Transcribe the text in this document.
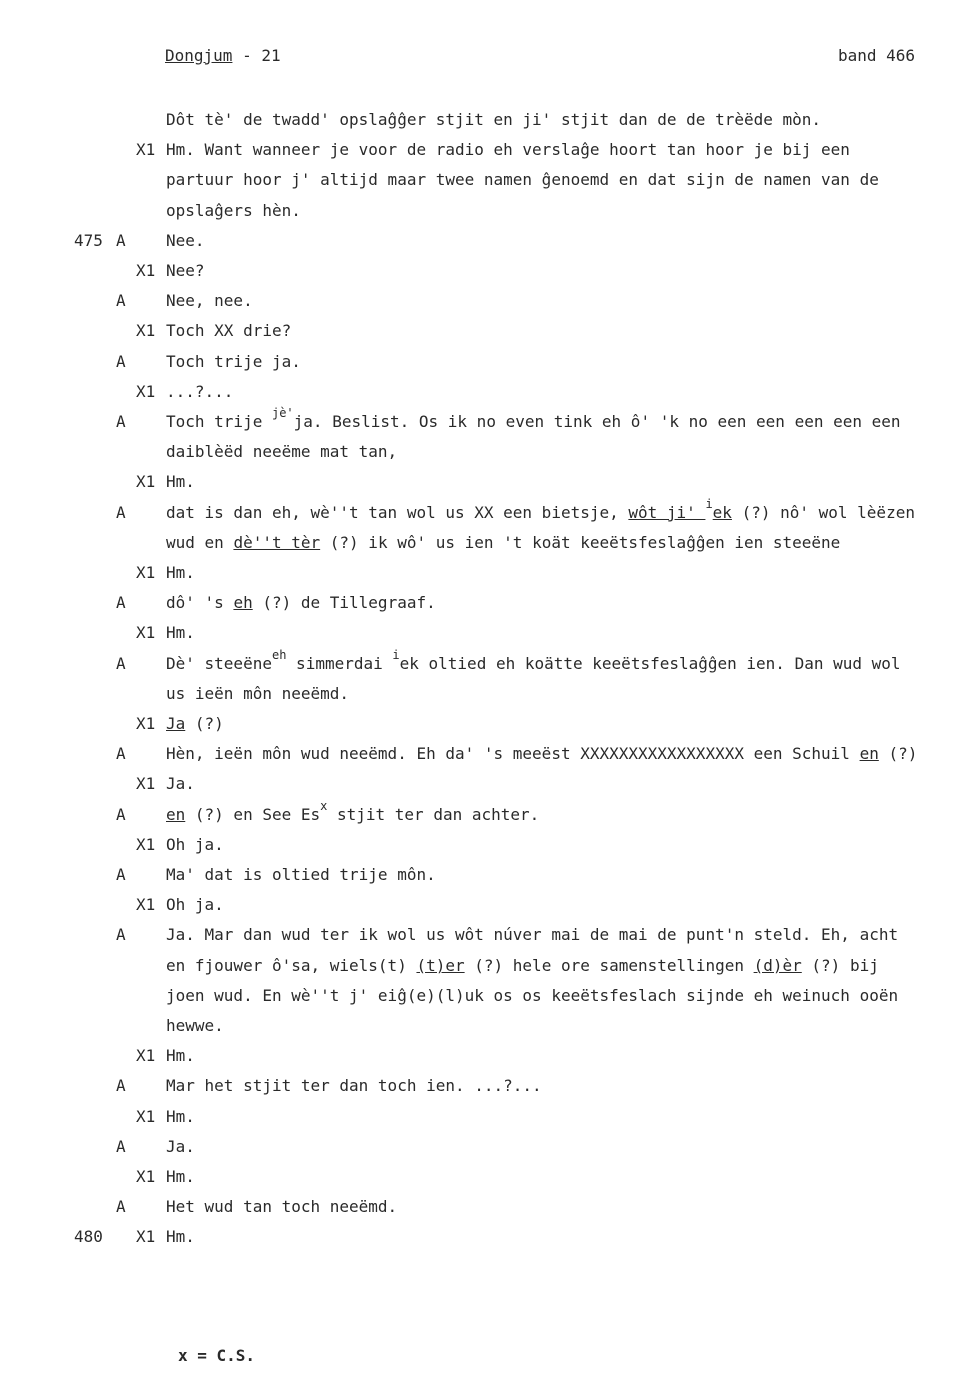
Dongjum - 21	band 466
Dôt tè' de twadd' opslaĝĝer stjit en ji' stjit dan de de trèëde mòn.
X1 Hm. Want wanneer je voor de radio eh verslaĝe hoort tan hoor je bij een
partuur hoor j' altijd maar twee namen ĝenoemd en dat sijn de namen van de
opslaĝers hèn.
475 A	Nee.
X1 Nee?
A	Nee, nee.
X1 Toch XX drie?
A	Toch trije ja.
X1 ...?...
A	Toch trije $^{jè'}$ja. Beslist. Os ik no even tink eh ô' 'k no een een een een een
daiblèëd neeëme mat tan,
X1 Hm.
A	dat is dan eh, wè''t tan wol us XX een bietsje, wôt ji' $^i$ek (?) nô' wol lèëzen
wud en dè''t tèr (?) ik wô' us ien 't koät keeëtsfeslaĝĝen ien steeëne
X1 Hm.
A	dô' 's eh (?) de Tillegraaf.
X1 Hm.
A	Dè' steeëne$^{eh}$ simmerdai $^i$ek oltied eh koätte keeëtsfeslaĝĝen ien. Dan wud wol
us ieën môn neeëmd.
X1 Ja (?)
A	Hèn, ieën môn wud neeëmd. Eh da' 's meeëst XXXXXXXXXXXXXXXXX een Schuil en (?)
X1 Ja.
A	en (?) en See Es$^x$ stjit ter dan achter.
X1 Oh ja.
A	Ma' dat is oltied trije môn.
X1 Oh ja.
A	Ja. Mar dan wud ter ik wol us wôt núver mai de mai de punt'n steld. Eh, acht
en fjouwer ô'sa, wiels(t) (t)er (?) hele ore samenstellingen (d)èr (?) bij
joen wud. En wè''t j' eiĝ(e)(l)uk os os keeëtsfeslach sijnde eh weinuch ooën
hewwe.
X1 Hm.
A	Mar het stjit ter dan toch ien. ...?...
X1 Hm.
A	Ja.
X1 Hm.
A	Het wud tan toch neeëmd.
480 X1 Hm.
x = C.S.
